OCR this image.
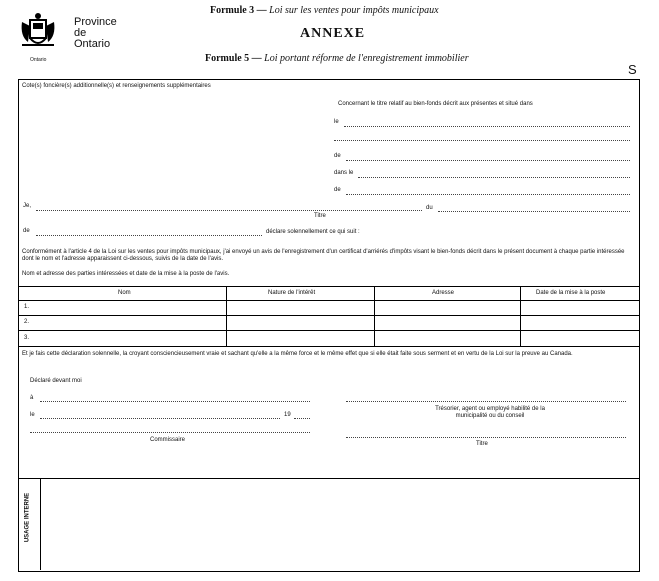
Ontario
Province
de
Ontario
Formule 3 — Loi sur les ventes pour impôts municipaux
ANNEXE
Formule 5 — Loi portant réforme de l'enregistrement immobilier
S
Cote(s) foncière(s) additionnelle(s) et renseignements supplémentaires
Concernant le titre relatif au bien-fonds décrit aux présentes et situé dans
le
de
dans le
de
Je,	du
Titre
de	déclare solennellement ce qui suit :
Conformément à l'article 4 de la Loi sur les ventes pour impôts municipaux, j'ai envoyé un avis de l'enregistrement d'un certificat d'arriérés d'impôts visant le bien-fonds décrit dans le présent document à chaque partie intéressée dont le nom et l'adresse apparaissent ci-dessous, suivis de la date de l'avis.
Nom et adresse des parties intéressées et date de la mise à la poste de l'avis.
Nom	Nature de l'intérêt	Adresse	Date de la mise à la poste
1.
2.
3.
Et je fais cette déclaration solennelle, la croyant consciencieusement vraie et sachant qu'elle a la même force et le même effet que si elle était faite sous serment et en vertu de la Loi sur la preuve au Canada.
Déclaré devant moi
à
le	19
Trésorier, agent ou employé habilité de la municipalité ou du conseil
Commissaire
Titre
USAGE INTERNE
